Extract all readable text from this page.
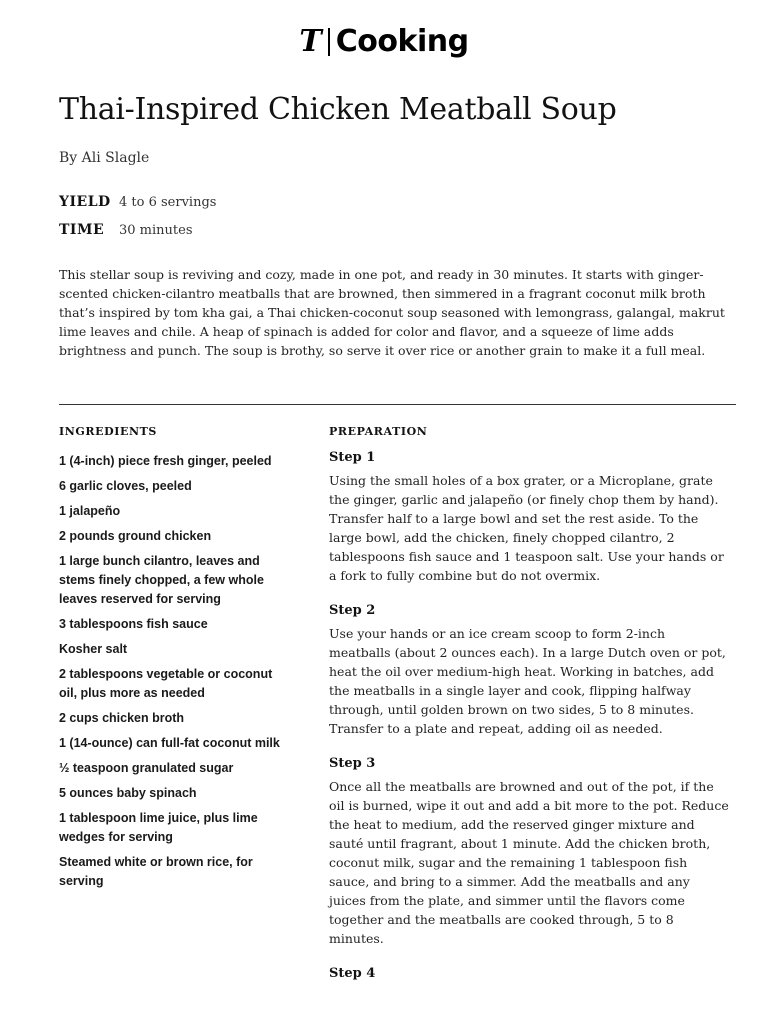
T Cooking
Thai-Inspired Chicken Meatball Soup
By Ali Slagle
YIELD 4 to 6 servings
TIME	30 minutes

This stellar soup is reviving and cozy, made in one pot, and ready in 30 minutes. It starts with ginger-scented chicken-cilantro meatballs that are browned, then simmered in a fragrant coconut milk broth that’s inspired by tom kha gai, a Thai chicken-coconut soup seasoned with lemongrass, galangal, makrut lime leaves and chile. A heap of spinach is added for color and flavor, and a squeeze of lime adds brightness and punch. The soup is brothy, so serve it over rice or another grain to make it a full meal.

INGREDIENTS	PREPARATION
1 (4-inch) piece fresh ginger, peeled
6 garlic cloves, peeled
1 jalapeño
2 pounds ground chicken
1 large bunch cilantro, leaves and stems finely chopped, a few whole leaves reserved for serving
3 tablespoons fish sauce
Kosher salt
2 tablespoons vegetable or coconut oil, plus more as needed
2 cups chicken broth
1 (14-ounce) can full-fat coconut milk
½ teaspoon granulated sugar
5 ounces baby spinach
1 tablespoon lime juice, plus lime wedges for serving
Steamed white or brown rice, for serving
Step 1

Using the small holes of a box grater, or a Microplane, grate the ginger, garlic and jalapeño (or finely chop them by hand). Transfer half to a large bowl and set the rest aside. To the large bowl, add the chicken, finely chopped cilantro, 2 tablespoons fish sauce and 1 teaspoon salt. Use your hands or a fork to fully combine but do not overmix.

Step 2

Use your hands or an ice cream scoop to form 2-inch meatballs (about 2 ounces each). In a large Dutch oven or pot, heat the oil over medium-high heat. Working in batches, add the meatballs in a single layer and cook, flipping halfway through, until golden brown on two sides, 5 to 8 minutes. Transfer to a plate and repeat, adding oil as needed.

Step 3

Once all the meatballs are browned and out of the pot, if the oil is burned, wipe it out and add a bit more to the pot. Reduce the heat to medium, add the reserved ginger mixture and sauté until fragrant, about 1 minute. Add the chicken broth, coconut milk, sugar and the remaining 1 tablespoon fish sauce, and bring to a simmer. Add the meatballs and any juices from the plate, and simmer until the flavors come together and the meatballs are cooked through, 5 to 8 minutes.

Step 4
